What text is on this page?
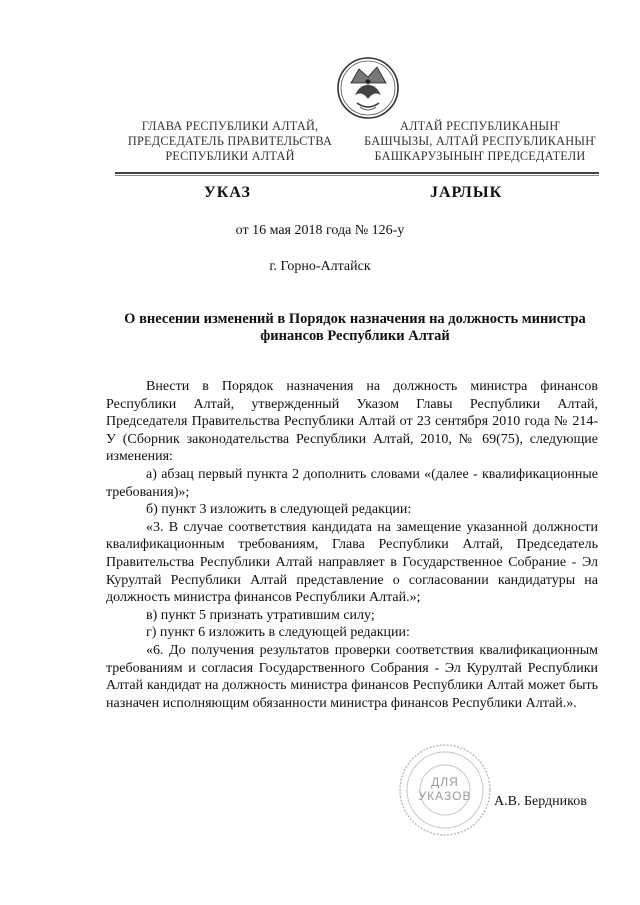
ГЛАВА РЕСПУБЛИКИ АЛТАЙ,
ПРЕДСЕДАТЕЛЬ ПРАВИТЕЛЬСТВА
РЕСПУБЛИКИ АЛТАЙ
АЛТАЙ РЕСПУБЛИКАНЫҤ
БАШЧЫЗЫ, АЛТАЙ РЕСПУБЛИКАНЫҤ
БАШКАРУЗЫНЫҤ ПРЕДСЕДАТЕЛИ
УКАЗ	JАРЛЫК
от 16 мая 2018 года № 126-у
г. Горно-Алтайск
О внесении изменений в Порядок назначения на должность министра финансов Республики Алтай

Внести в Порядок назначения на должность министра финансов Республики Алтай, утвержденный Указом Главы Республики Алтай, Председателя Правительства Республики Алтай от 23 сентября 2010 года № 214-У (Сборник законодательства Республики Алтай, 2010, № 69(75), следующие изменения:

а) абзац первый пункта 2 дополнить словами «(далее - квалификационные требования)»;

б) пункт 3 изложить в следующей редакции:

«3. В случае соответствия кандидата на замещение указанной должности квалификационным требованиям, Глава Республики Алтай, Председатель Правительства Республики Алтай направляет в Государственное Собрание - Эл Курултай Республики Алтай представление о согласовании кандидатуры на должность министра финансов Республики Алтай.»;

в) пункт 5 признать утратившим силу;

г) пункт 6 изложить в следующей редакции:

«6. До получения результатов проверки соответствия квалификационным требованиям и согласия Государственного Собрания - Эл Курултай Республики Алтай кандидат на должность министра финансов Республики Алтай может быть назначен исполняющим обязанности министра финансов Республики Алтай.».

ДЛЯ
УКАЗОВ А.В. Бердников
